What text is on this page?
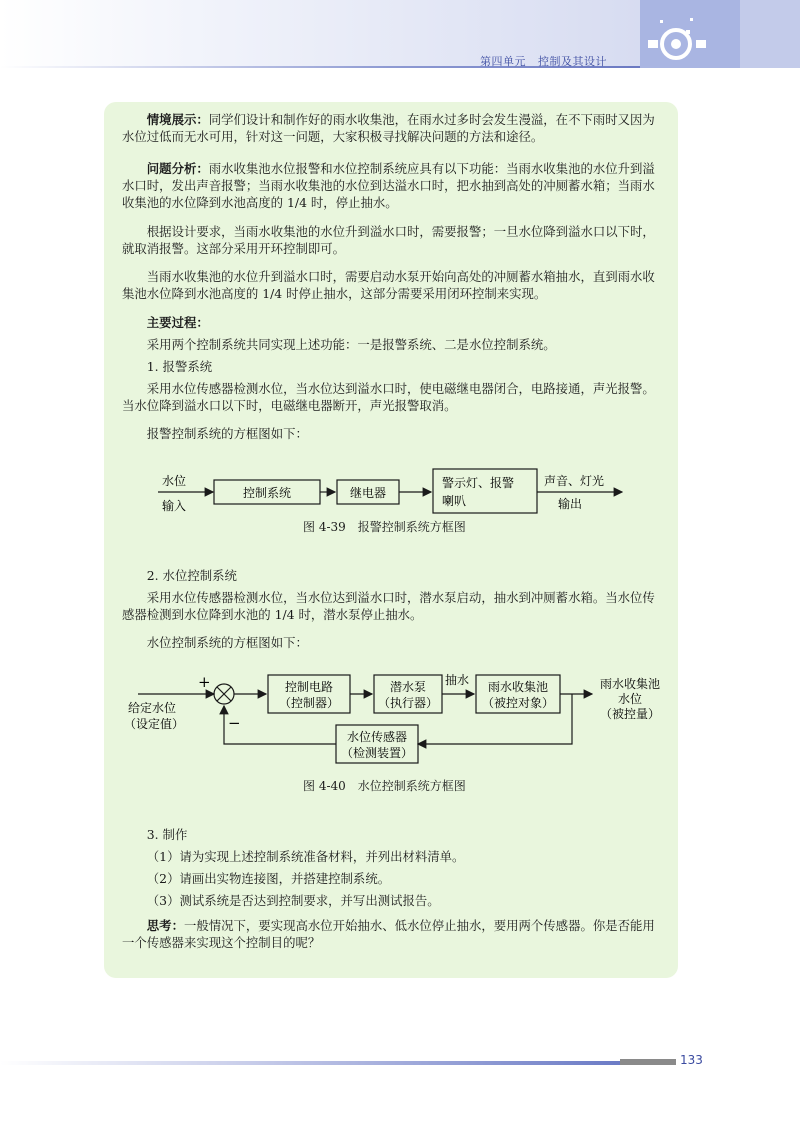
第四单元 控制及其设计

情境展示：同学们设计和制作好的雨水收集池，在雨水过多时会发生漫溢，在不下雨时又因为水位过低而无水可用，针对这一问题，大家积极寻找解决问题的方法和途径。

问题分析：雨水收集池水位报警和水位控制系统应具有以下功能：当雨水收集池的水位升到溢水口时，发出声音报警；当雨水收集池的水位到达溢水口时，把水抽到高处的冲厕蓄水箱；当雨水收集池的水位降到水池高度的 1/4 时，停止抽水。

根据设计要求，当雨水收集池的水位升到溢水口时，需要报警；一旦水位降到溢水口以下时，就取消报警。这部分采用开环控制即可。

当雨水收集池的水位升到溢水口时，需要启动水泵开始向高处的冲厕蓄水箱抽水，直到雨水收集池水位降到水池高度的 1/4 时停止抽水，这部分需要采用闭环控制来实现。

主要过程：

采用两个控制系统共同实现上述功能：一是报警系统、二是水位控制系统。

1. 报警系统

采用水位传感器检测水位，当水位达到溢水口时，使电磁继电器闭合，电路接通，声光报警。当水位降到溢水口以下时，电磁继电器断开，声光报警取消。

报警控制系统的方框图如下：

水位
输入
控制系统	继电器
警示灯、报警
喇叭
声音、灯光
输出
图 4-39　报警控制系统方框图

2. 水位控制系统

采用水位传感器检测水位，当水位达到溢水口时，潜水泵启动，抽水到冲厕蓄水箱。当水位传感器检测到水位降到水池的 1/4 时，潜水泵停止抽水。

水位控制系统的方框图如下：

+
−
给定水位
（设定值）
控制电路
（控制器）
潜水泵
（执行器）
抽水 雨水收集池
（被控对象）
雨水收集池
水位
（被控量）
水位传感器
（检测装置）
图 4-40　水位控制系统方框图

3. 制作

（1）请为实现上述控制系统准备材料，并列出材料清单。

（2）请画出实物连接图，并搭建控制系统。

（3）测试系统是否达到控制要求，并写出测试报告。

思考：一般情况下，要实现高水位开始抽水、低水位停止抽水，要用两个传感器。你是否能用一个传感器来实现这个控制目的呢？

133
